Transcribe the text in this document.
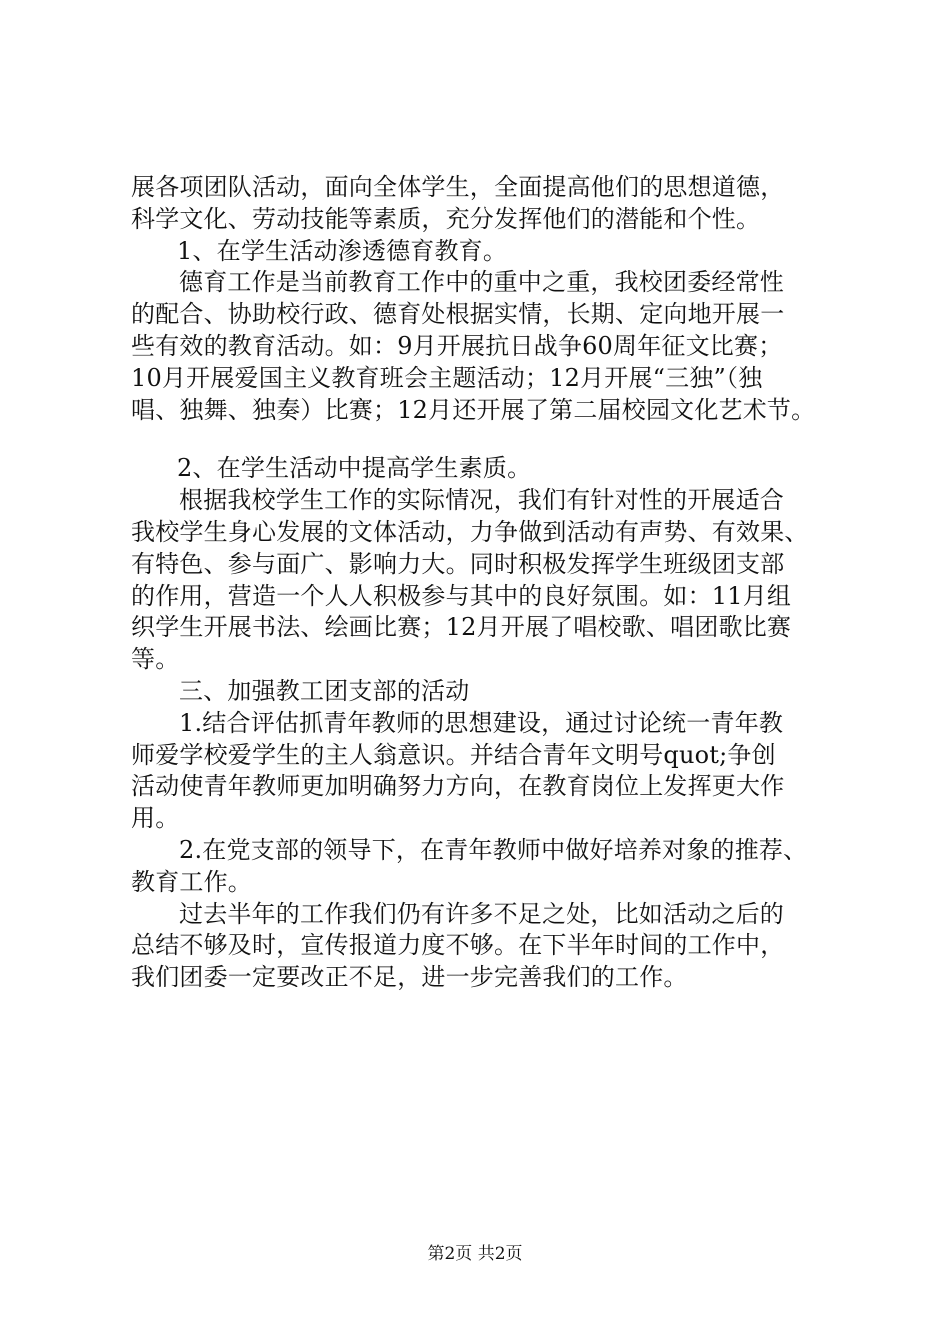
展各项团队活动，面向全体学生，全面提高他们的思想道德，
科学文化、劳动技能等素质，充分发挥他们的潜能和个性。
1、在学生活动渗透德育教育。
德育工作是当前教育工作中的重中之重，我校团委经常性
的配合、协助校行政、德育处根据实情，长期、定向地开展一
些有效的教育活动。如：9月开展抗日战争60周年征文比赛；
10月开展爱国主义教育班会主题活动；12月开展“三独”（独
唱、独舞、独奏）比赛；12月还开展了第二届校园文化艺术节。
2、在学生活动中提高学生素质。
根据我校学生工作的实际情况，我们有针对性的开展适合
我校学生身心发展的文体活动，力争做到活动有声势、有效果、
有特色、参与面广、影响力大。同时积极发挥学生班级团支部
的作用，营造一个人人积极参与其中的良好氛围。如：11月组
织学生开展书法、绘画比赛；12月开展了唱校歌、唱团歌比赛
等。
三、加强教工团支部的活动
1.结合评估抓青年教师的思想建设，通过讨论统一青年教
师爱学校爱学生的主人翁意识。并结合青年文明号quot;争创
活动使青年教师更加明确努力方向，在教育岗位上发挥更大作
用。
2.在党支部的领导下，在青年教师中做好培养对象的推荐、
教育工作。
过去半年的工作我们仍有许多不足之处，比如活动之后的
总结不够及时，宣传报道力度不够。在下半年时间的工作中，
我们团委一定要改正不足，进一步完善我们的工作。
第2页 共2页
